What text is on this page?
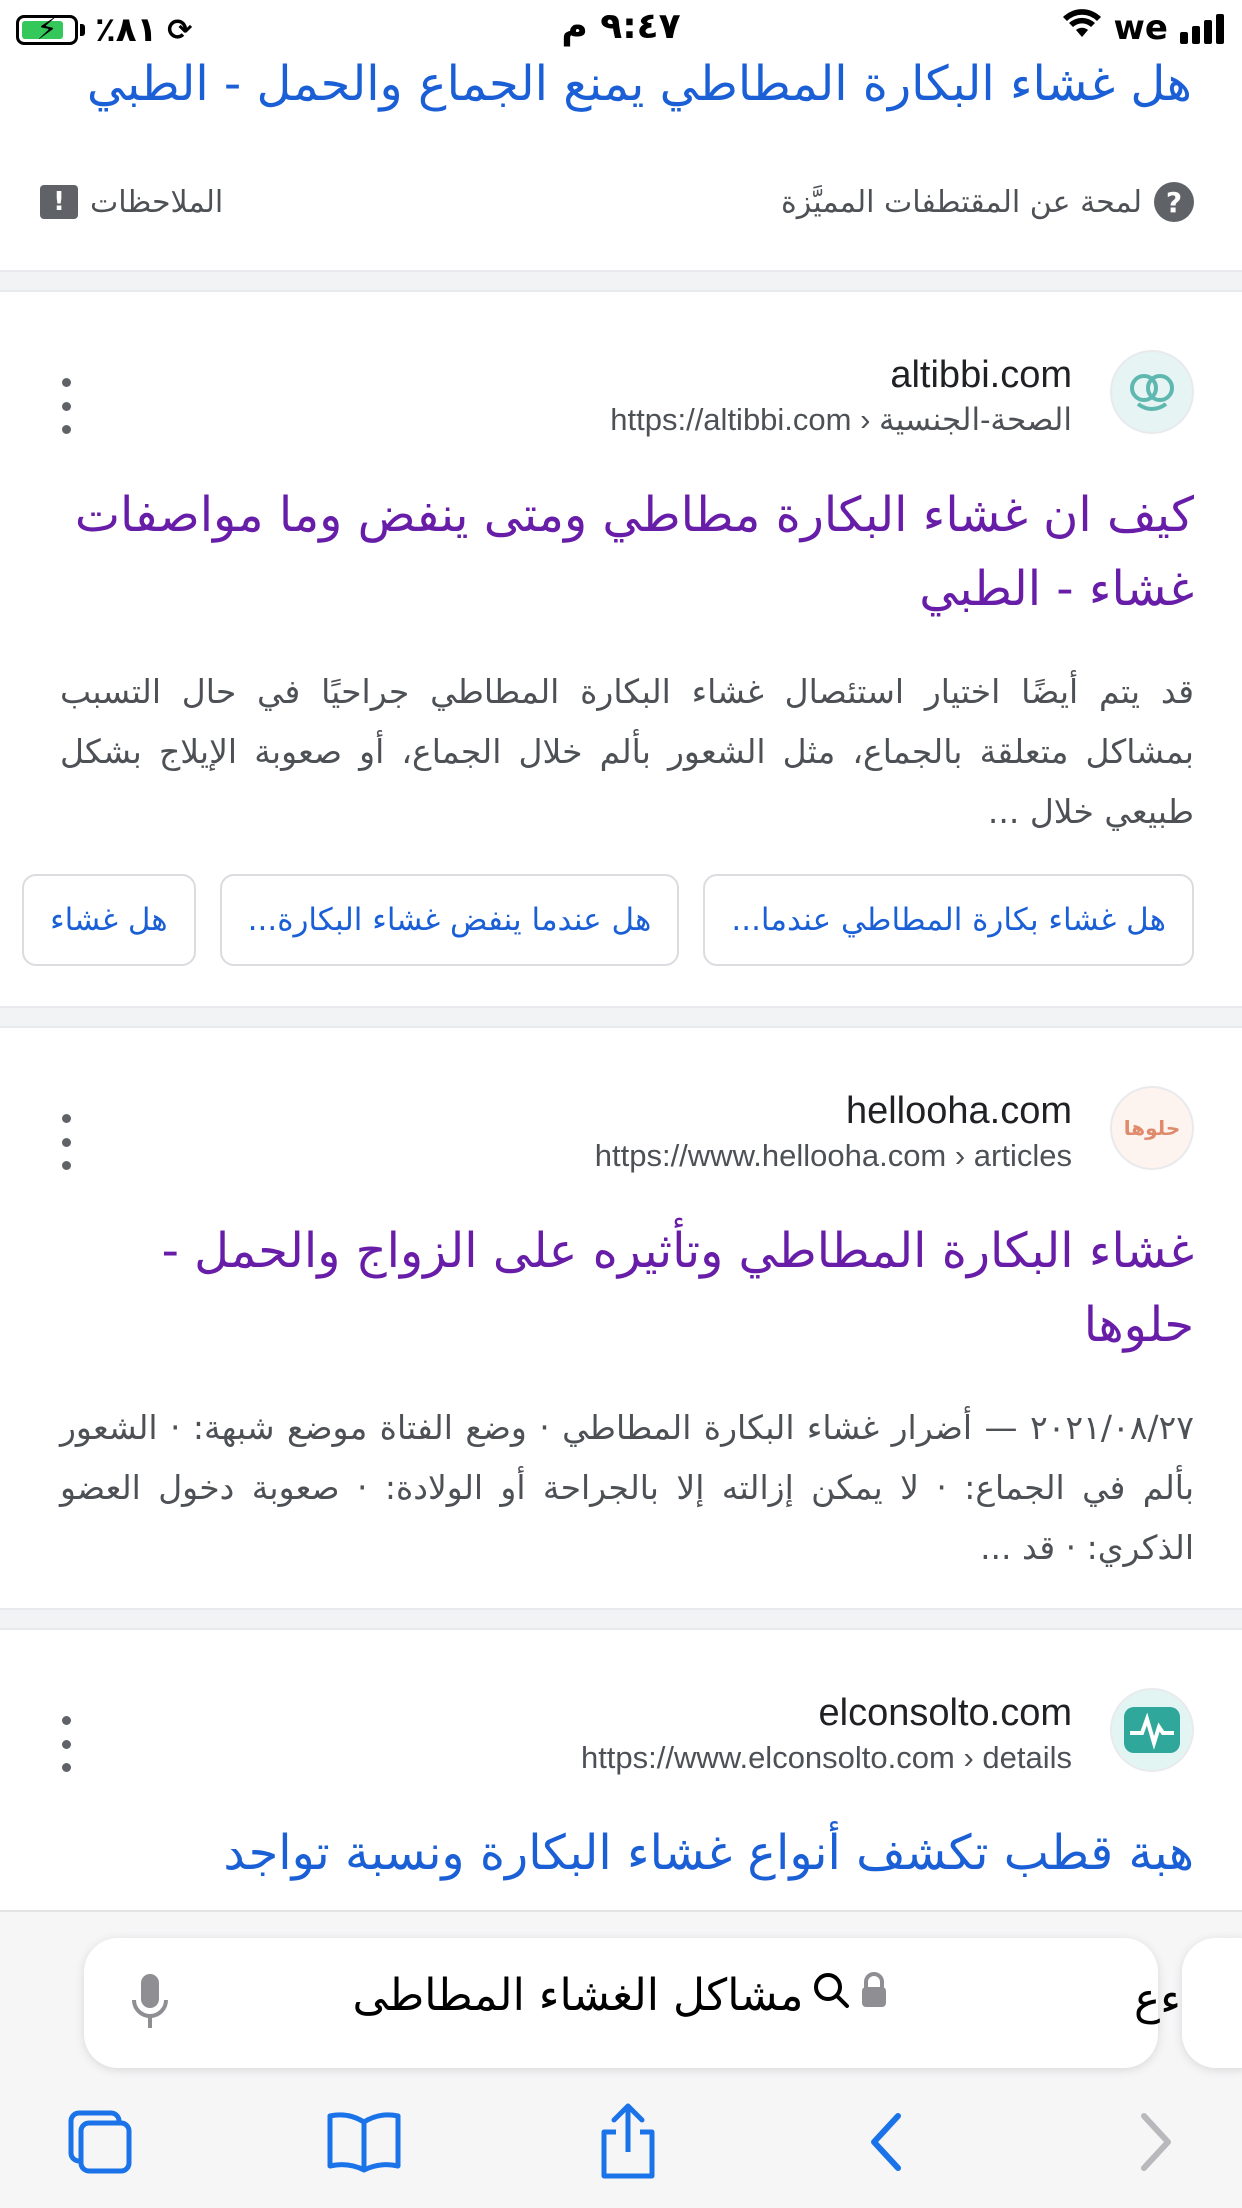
⚡	٪٨١ ⟳	٩:٤٧ م	we
هل غشاء البكارة المطاطي يمنع الجماع والحمل - الطبي
?
لمحة عن المقتطفات المميَّزة
الملاحظات
!
altibbi.com
https://altibbi.com › الصحة-الجنسية
كيف ان غشاء البكارة مطاطي ومتى ينفض وما مواصفات غشاء - الطبي
قد يتم أيضًا اختيار استئصال غشاء البكارة المطاطي جراحيًا في حال التسبب بمشاكل متعلقة بالجماع، مثل الشعور بألم خلال الجماع، أو صعوبة الإيلاج بشكل طبيعي خلال ...
هل غشاء بكارة المطاطي عندما...
هل عندما ينفض غشاء البكارة...
هل غشاء
حلوها
hellooha.com
https://www.hellooha.com › articles
غشاء البكارة المطاطي وتأثيره على الزواج والحمل - حلوها
٢٠٢١/٠٨/٢٧ — أضرار غشاء البكارة المطاطي · وضع الفتاة موضع شبهة: · الشعور بألم في الجماع: · لا يمكن إزالته إلا بالجراحة أو الولادة: · صعوبة دخول العضو الذكري: · قد ...
elconsolto.com
https://www.elconsolto.com › details
هبة قطب تكشف أنواع غشاء البكارة ونسبة تواجد
مشاكل الغشاء المطاطى	ءع
